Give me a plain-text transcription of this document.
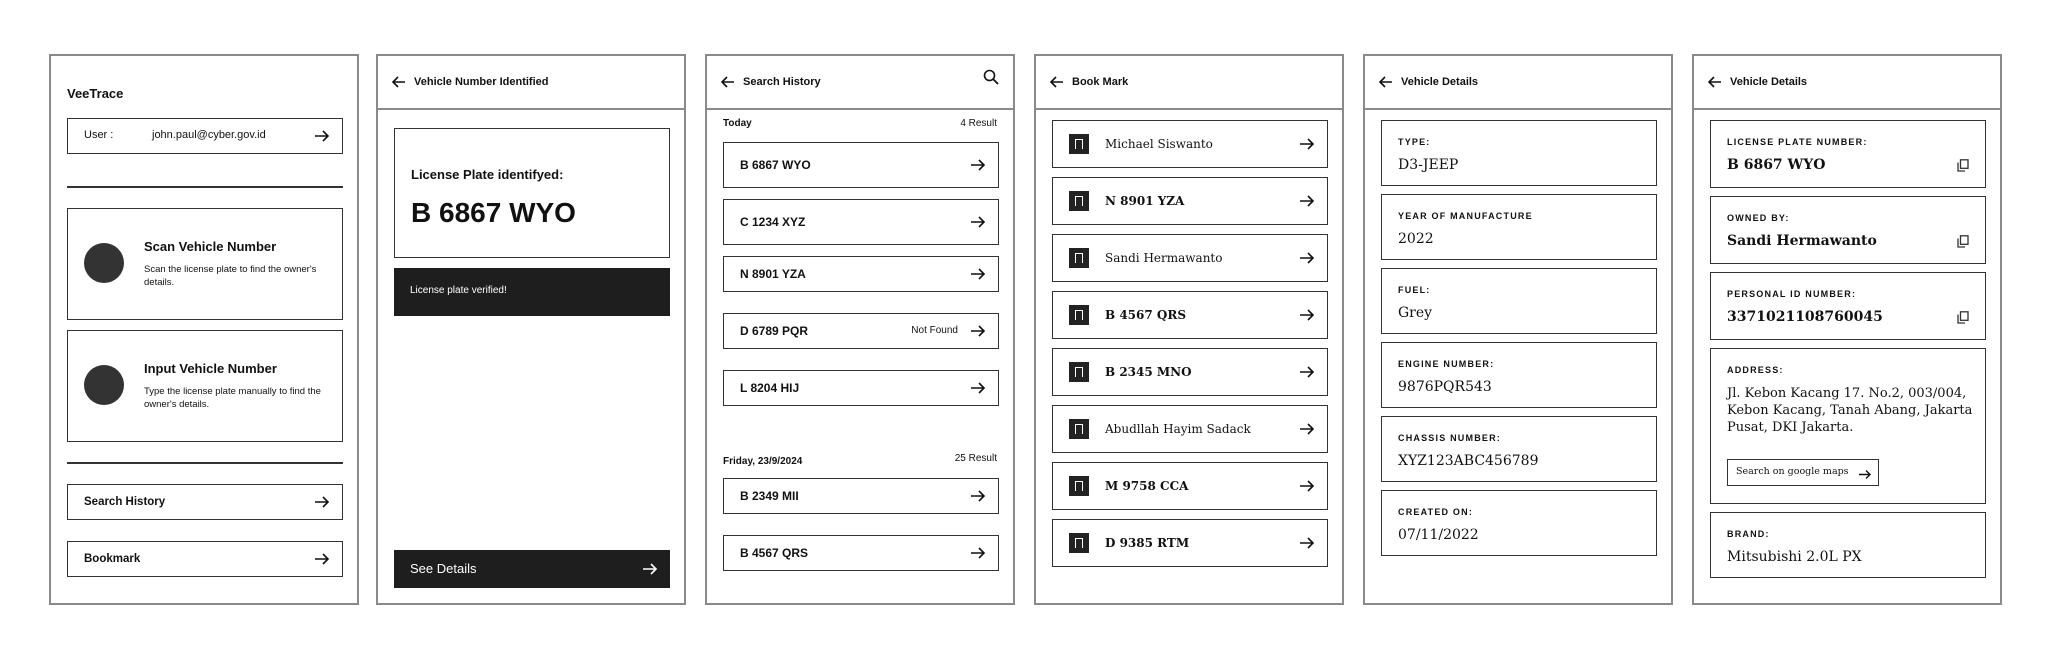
VeeTrace
User :	john.paul@cyber.gov.id
Scan Vehicle Number
Scan the license plate to find the owner's details.
Input Vehicle Number
Type the license plate manually to find the owner's details.
Search History
Bookmark
Vehicle Number Identified
License Plate identifyed:
B 6867 WYO
License plate verified!
See Details
Search History
Today	4 Result
B 6867 WYO
C 1234 XYZ
N 8901 YZA
D 6789 PQR	Not Found
L 8204 HIJ
Friday, 23/9/2024	25 Result
B 2349 MII
B 4567 QRS
Book Mark
Michael Siswanto
N 8901 YZA
Sandi Hermawanto
B 4567 QRS
B 2345 MNO
Abudllah Hayim Sadack
M 9758 CCA
D 9385 RTM
Vehicle Details
TYPE:
D3-JEEP
YEAR OF MANUFACTURE
2022
FUEL:
Grey
ENGINE NUMBER:
9876PQR543
CHASSIS NUMBER:
XYZ123ABC456789
CREATED ON:
07/11/2022
Vehicle Details
LICENSE PLATE NUMBER:
B 6867 WYO
OWNED BY:
Sandi Hermawanto
PERSONAL ID NUMBER:
3371021108760045
ADDRESS:
Jl. Kebon Kacang 17. No.2, 003/004, Kebon Kacang, Tanah Abang, Jakarta Pusat, DKI Jakarta.
Search on google maps
BRAND:
Mitsubishi 2.0L PX
